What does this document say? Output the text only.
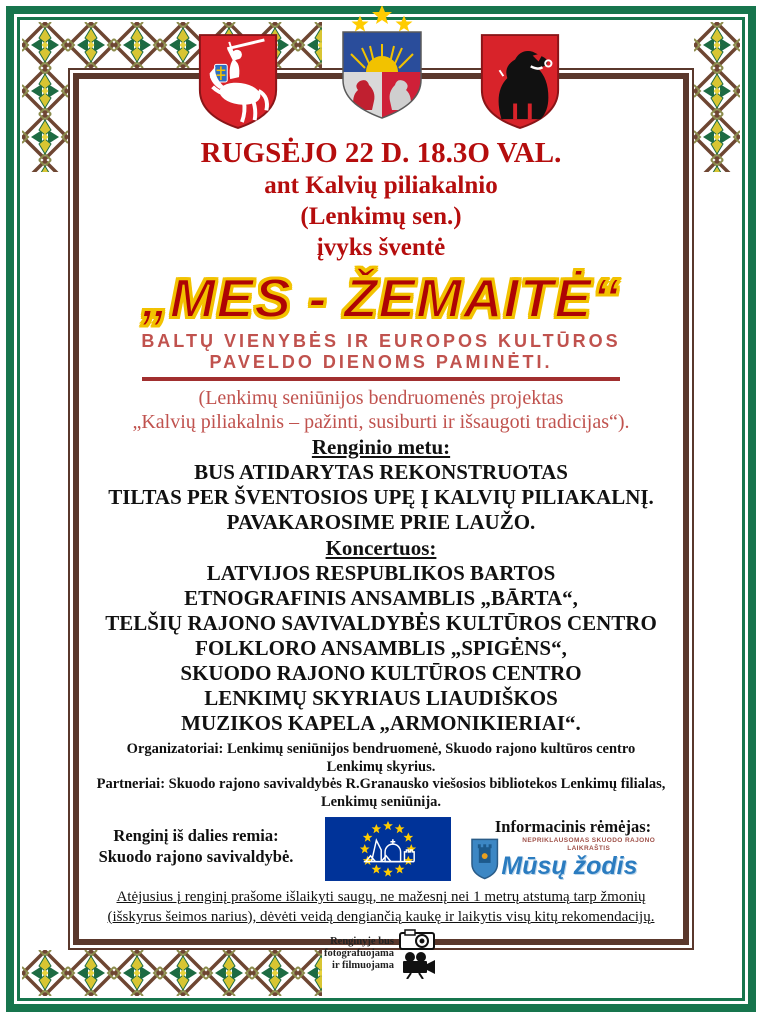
RUGSĖJO 22 D. 18.3O VAL.
ant Kalvių piliakalnio
(Lenkimų sen.)
įvyks šventė
„MES - ŽEMAITĖ“
BALTŲ VIENYBĖS IR EUROPOS KULTŪROS
PAVELDO DIENOMS PAMINĖTI.
(Lenkimų seniūnijos bendruomenės projektas
„Kalvių piliakalnis – pažinti, susiburti ir išsaugoti tradicijas“).
Renginio metu:
BUS ATIDARYTAS REKONSTRUOTAS
TILTAS PER ŠVENTOSIOS UPĘ Į KALVIŲ PILIAKALNĮ.
PAVAKAROSIME PRIE LAUŽO.
Koncertuos:
LATVIJOS RESPUBLIKOS BARTOS
ETNOGRAFINIS ANSAMBLIS „BĀRTA“,
TELŠIŲ RAJONO SAVIVALDYBĖS KULTŪROS CENTRO
FOLKLORO ANSAMBLIS „SPIGĖNS“,
SKUODO RAJONO KULTŪROS CENTRO
LENKIMŲ SKYRIAUS LIAUDIŠKOS
MUZIKOS KAPELA „ARMONIKIERIAI“.
Organizatoriai: Lenkimų seniūnijos bendruomenė, Skuodo rajono kultūros centro
Lenkimų skyrius.
Partneriai: Skuodo rajono savivaldybės R.Granausko viešosios bibliotekos Lenkimų filialas,
Lenkimų seniūnija.
Renginį iš dalies remia:
Skuodo rajono savivaldybė.
Informacinis rėmėjas:
NEPRIKLAUSOMAS SKUODO RAJONO LAIKRAŠTIS
Mūsų žodis
Atėjusius į renginį prašome išlaikyti saugų, ne mažesnį nei 1 metrų atstumą tarp žmonių
(išskyrus šeimos narius), dėvėti veidą dengiančią kaukę ir laikytis visų kitų rekomendacijų.
Renginyje bus
fotografuojama
ir filmuojama
